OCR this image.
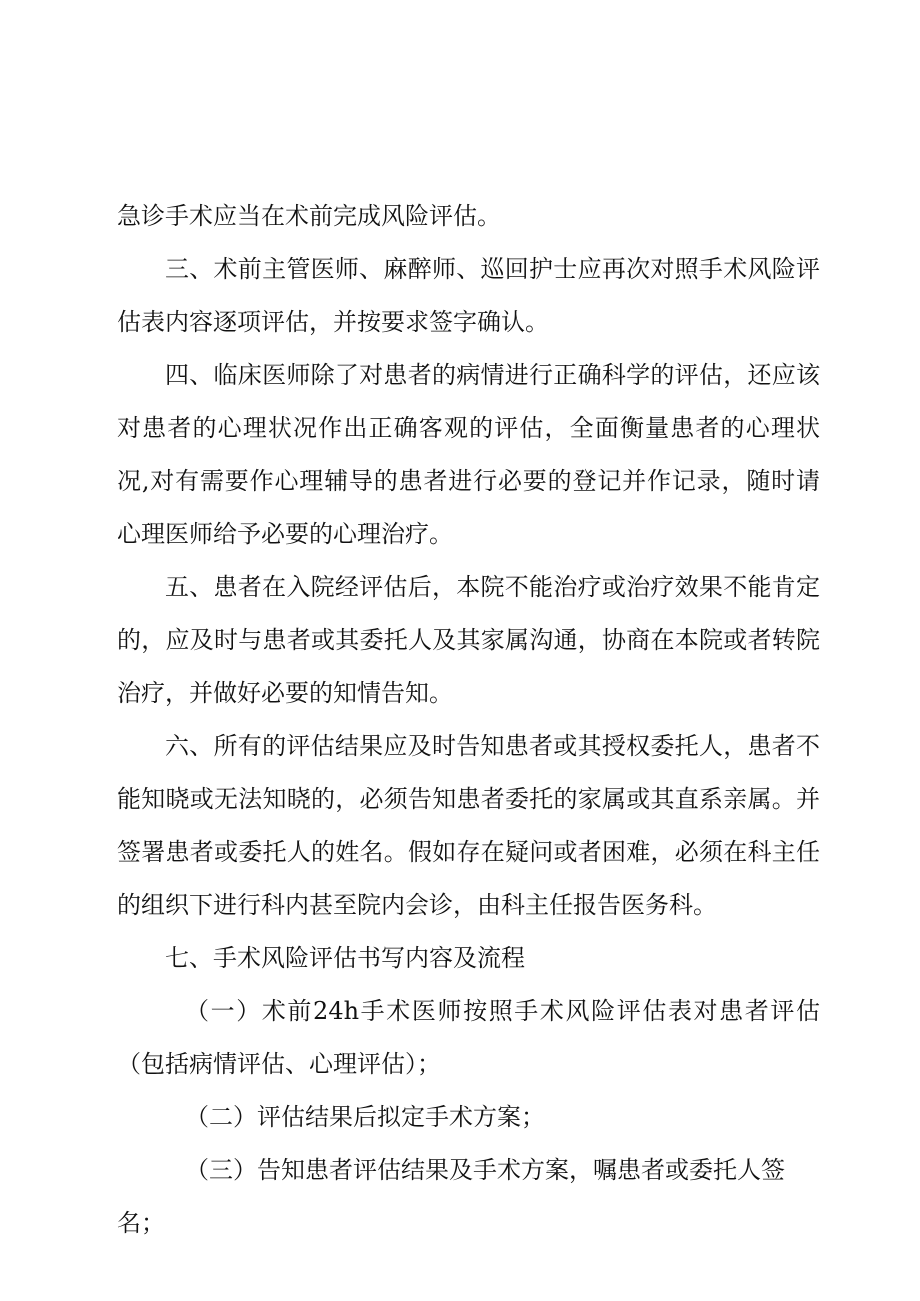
急诊手术应当在术前完成风险评估。

三、术前主管医师、麻醉师、巡回护士应再次对照手术风险评估表内容逐项评估，并按要求签字确认。

四、临床医师除了对患者的病情进行正确科学的评估，还应该对患者的心理状况作出正确客观的评估，全面衡量患者的心理状况,对有需要作心理辅导的患者进行必要的登记并作记录，随时请心理医师给予必要的心理治疗。

五、患者在入院经评估后，本院不能治疗或治疗效果不能肯定的，应及时与患者或其委托人及其家属沟通，协商在本院或者转院治疗，并做好必要的知情告知。

六、所有的评估结果应及时告知患者或其授权委托人，患者不能知晓或无法知晓的，必须告知患者委托的家属或其直系亲属。并签署患者或委托人的姓名。假如存在疑问或者困难，必须在科主任的组织下进行科内甚至院内会诊，由科主任报告医务科。

七、手术风险评估书写内容及流程

（一）术前24h手术医师按照手术风险评估表对患者评估（包括病情评估、心理评估）；

（二）评估结果后拟定手术方案；

（三）告知患者评估结果及手术方案，嘱患者或委托人签名；
